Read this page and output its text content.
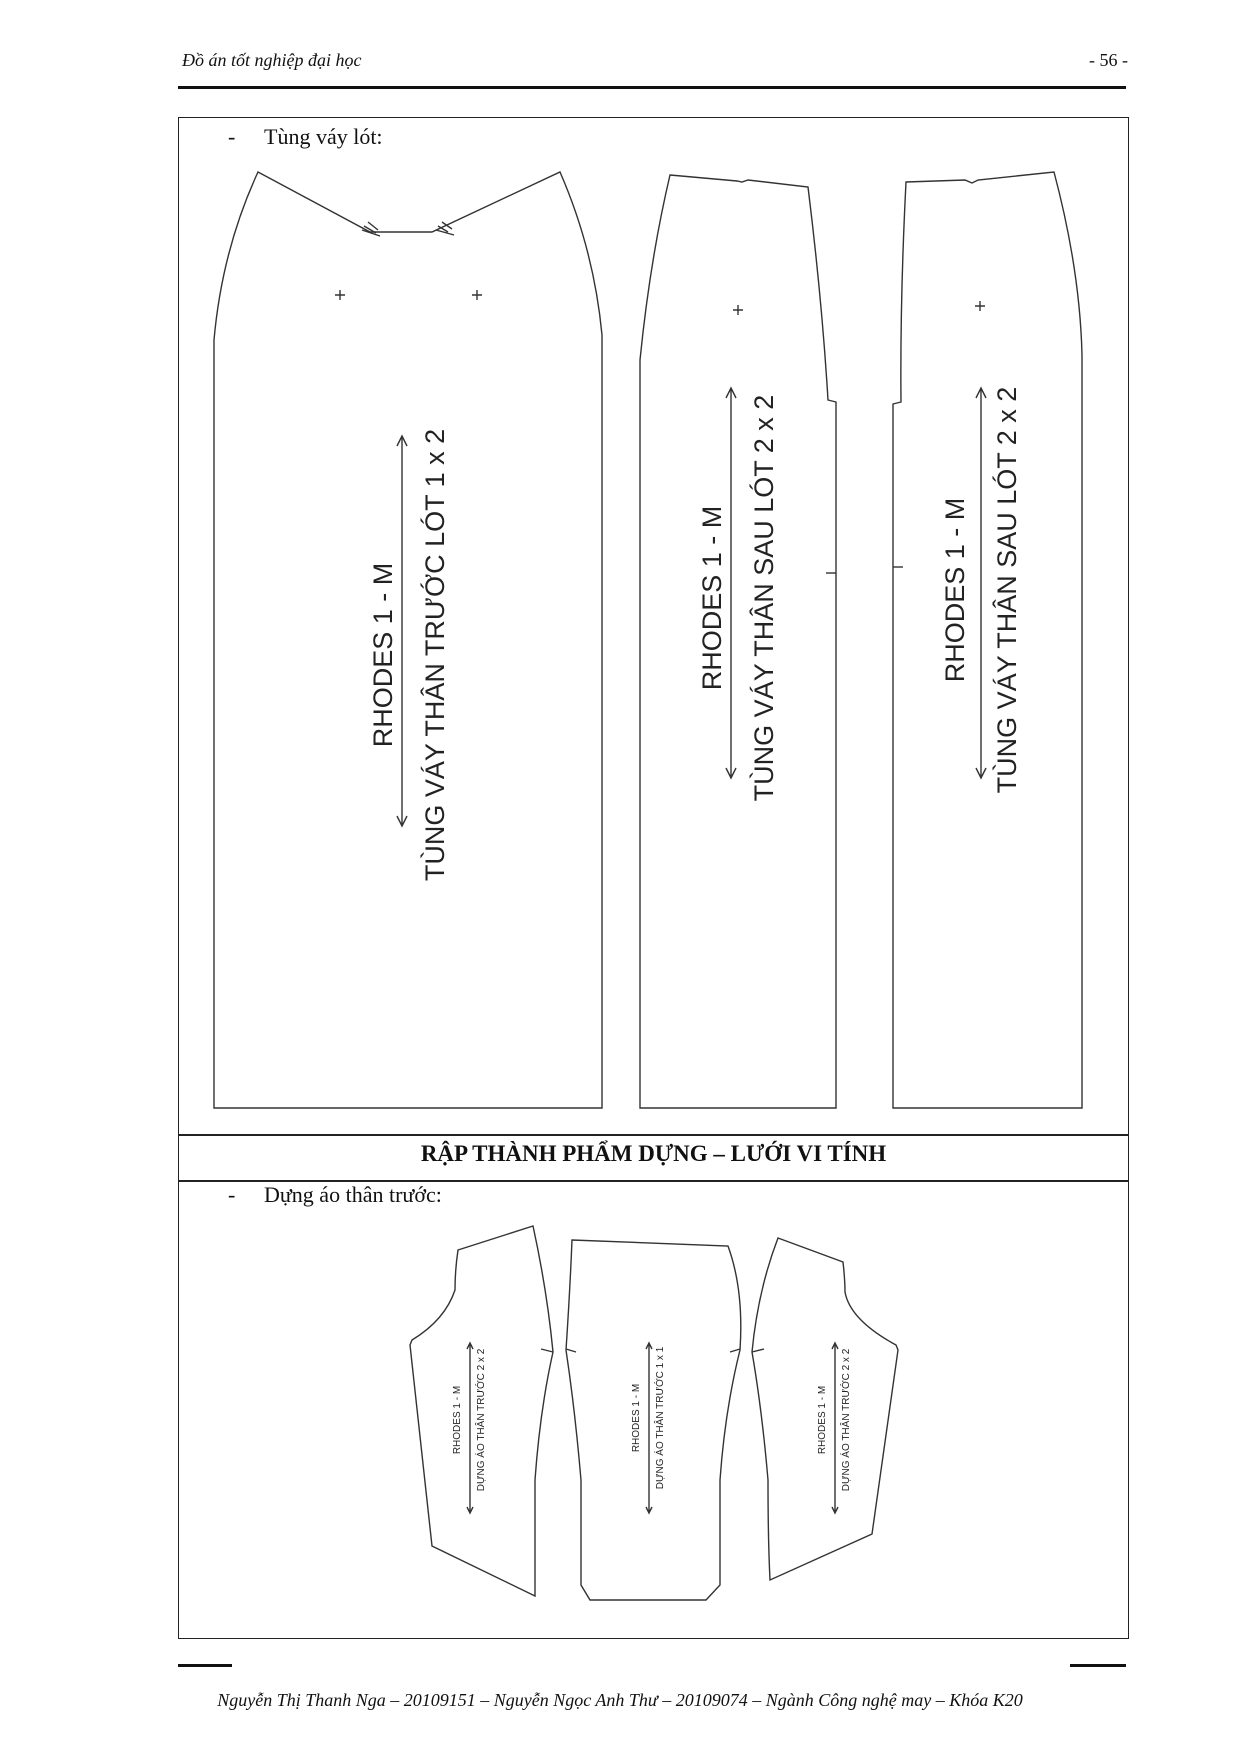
Đồ án tốt nghiệp đại học	- 56 -
RẬP THÀNH PHẨM DỰNG – LƯỚI VI TÍNH
- Tùng váy lót:
- Dựng áo thân trước:
RHODES 1 - M TÙNG VÁY THÂN TRƯỚC LÓT 1 x 2	RHODES 1 - M TÙNG VÁY THÂN SAU LÓT 2 x 2	RHODES 1 - M TÙNG VÁY THÂN SAU LÓT 2 x 2
RHODES 1 - M DỰNG ÁO THÂN TRƯỚC 2 x 2	RHODES 1 - M DỰNG ÁO THÂN TRƯỚC 1 x 1	RHODES 1 - M DỰNG ÁO THÂN TRƯỚC 2 x 2
Nguyễn Thị Thanh Nga – 20109151 – Nguyễn Ngọc Anh Thư – 20109074 – Ngành Công nghệ may – Khóa K20
